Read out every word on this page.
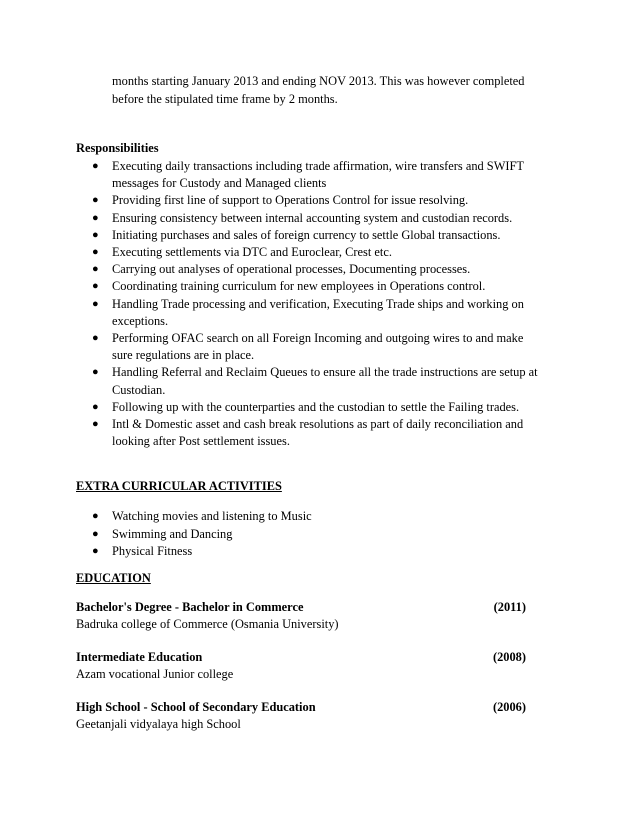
months starting January 2013 and ending NOV 2013. This was however completed
before the stipulated time frame by 2 months.
Responsibilities
● Executing daily transactions including trade affirmation, wire transfers and SWIFT messages for Custody and Managed clients
● Providing first line of support to Operations Control for issue resolving.
● Ensuring consistency between internal accounting system and custodian records.
● Initiating purchases and sales of foreign currency to settle Global transactions.
● Executing settlements via DTC and Euroclear, Crest etc.
● Carrying out analyses of operational processes, Documenting processes.
● Coordinating training curriculum for new employees in Operations control.
● Handling Trade processing and verification, Executing Trade ships and working on exceptions.
● Performing OFAC search on all Foreign Incoming and outgoing wires to and make sure regulations are in place.
● Handling Referral and Reclaim Queues to ensure all the trade instructions are setup at Custodian.
● Following up with the counterparties and the custodian to settle the Failing trades.
● Intl & Domestic asset and cash break resolutions as part of daily reconciliation and looking after Post settlement issues.
EXTRA CURRICULAR ACTIVITIES
● Watching movies and listening to Music
● Swimming and Dancing
● Physical Fitness
EDUCATION
Bachelor's Degree - Bachelor in Commerce	(2011)
Badruka college of Commerce (Osmania University)
Intermediate Education	(2008)
Azam vocational Junior college
High School - School of Secondary Education	(2006)
Geetanjali vidyalaya high School
